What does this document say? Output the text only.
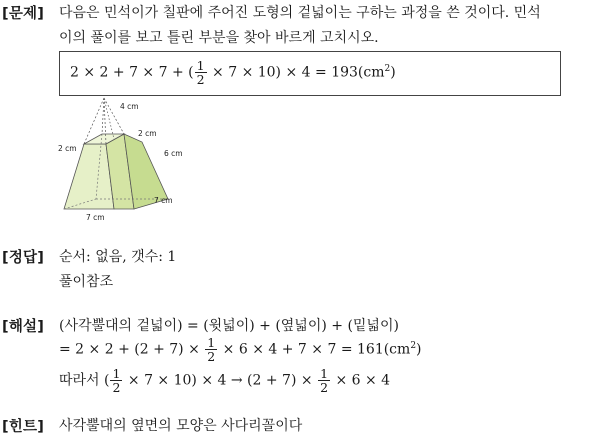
[문제] 다음은 민석이가 칠판에 주어진 도형의 겉넓이는 구하는 과정을 쓴 것이다. 민석
이의 풀이를 보고 틀린 부분을 찾아 바르게 고치시오.
2 × 2 + 7 × 7 + ( $\frac{1}{2} \times 7 \times 10) \times 4 = 193(cm^2)$
4 cm
2 cm
2 cm
6 cm
7 cm
7 cm
[정답] 순서: 없음, 갯수: 1
풀이참조
[해설] (사각뿔대의 겉넓이) = (윗넓이) + (옆넓이) + (밑넓이)
= $2 \times 2 + (2 + 7) \times \frac{1}{2} \times 6 \times 4 + 7 \times 7 = 161(cm^2)$
따라서 ( $\frac{1}{2} \times 7 \times 10) \times 4 \to (2 + 7) \times \frac{1}{2} \times 6 \times 4$
[힌트] 사각뿔대의 옆면의 모양은 사다리꼴이다
